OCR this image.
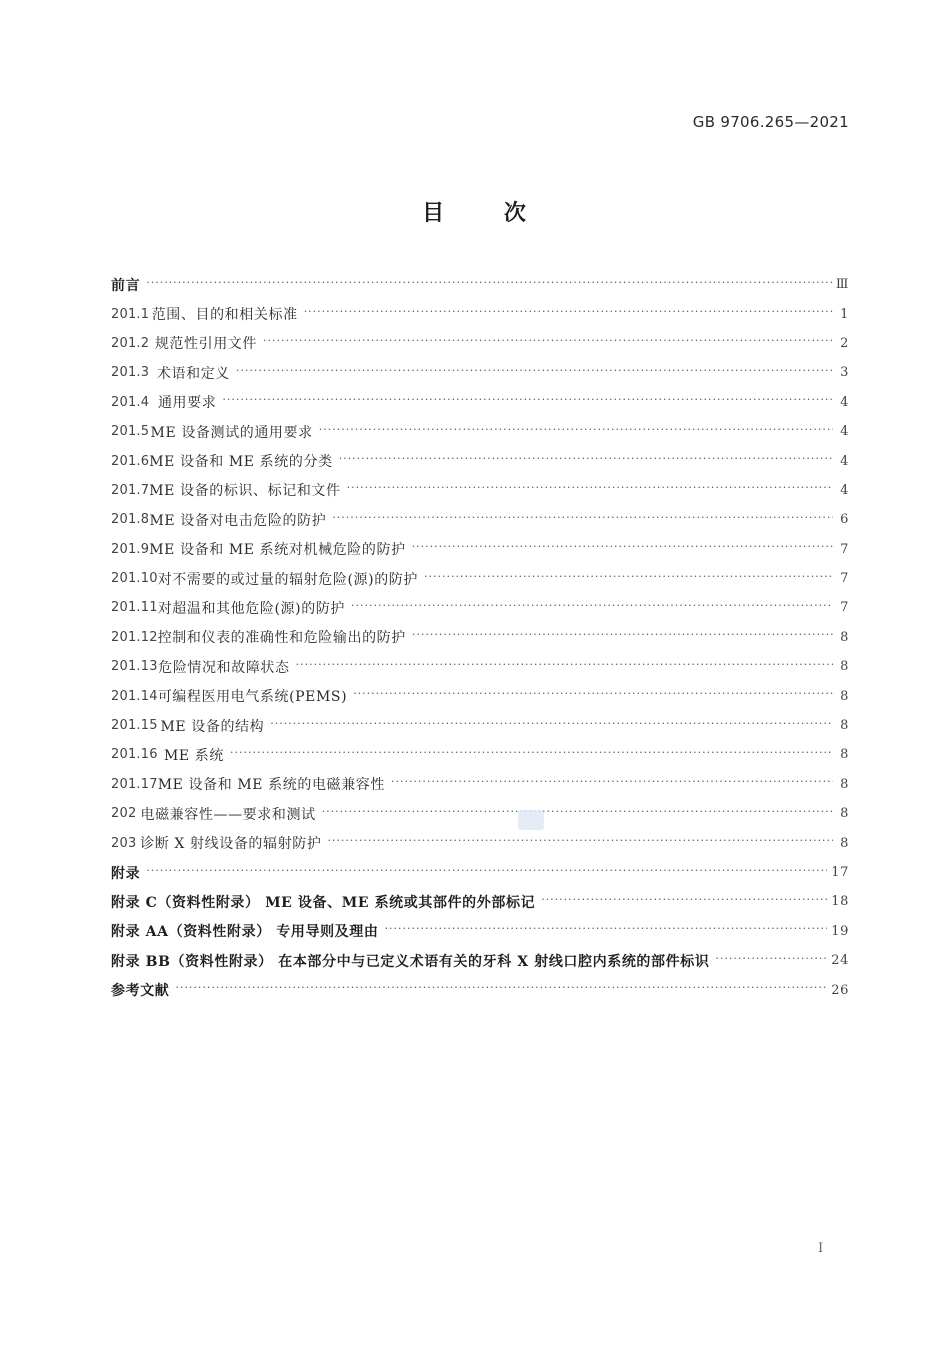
GB 9706.265—2021
目 次
前言 ·····	Ⅲ
201.1 范围、目的和相关标准 ·····	1
201.2 规范性引用文件 ·····	2
201.3 术语和定义 ·····	3
201.4 通用要求 ·····	4
201.5 ME 设备测试的通用要求 ·····	4
201.6 ME 设备和 ME 系统的分类 ·····	4
201.7 ME 设备的标识、标记和文件 ·····	4
201.8 ME 设备对电击危险的防护 ·····	6
201.9 ME 设备和 ME 系统对机械危险的防护 ·····	7
201.10 对不需要的或过量的辐射危险(源)的防护 ·····	7
201.11 对超温和其他危险(源)的防护 ·····	7
201.12 控制和仪表的准确性和危险输出的防护 ·····	8
201.13 危险情况和故障状态 ·····	8
201.14 可编程医用电气系统(PEMS) ·····	8
201.15 ME 设备的结构 ·····	8
201.16 ME 系统 ·····	8
201.17 ME 设备和 ME 系统的电磁兼容性 ·····	8
202 电磁兼容性——要求和测试 ·····	8
203 诊断 X 射线设备的辐射防护 ·····	8
附录 ·····	17
附录 C（资料性附录） ME 设备、ME 系统或其部件的外部标记 ·····	18
附录 AA（资料性附录） 专用导则及理由 ·····	19
附录 BB（资料性附录） 在本部分中与已定义术语有关的牙科 X 射线口腔内系统的部件标识 ·····	24
参考文献 ·····	26
I
